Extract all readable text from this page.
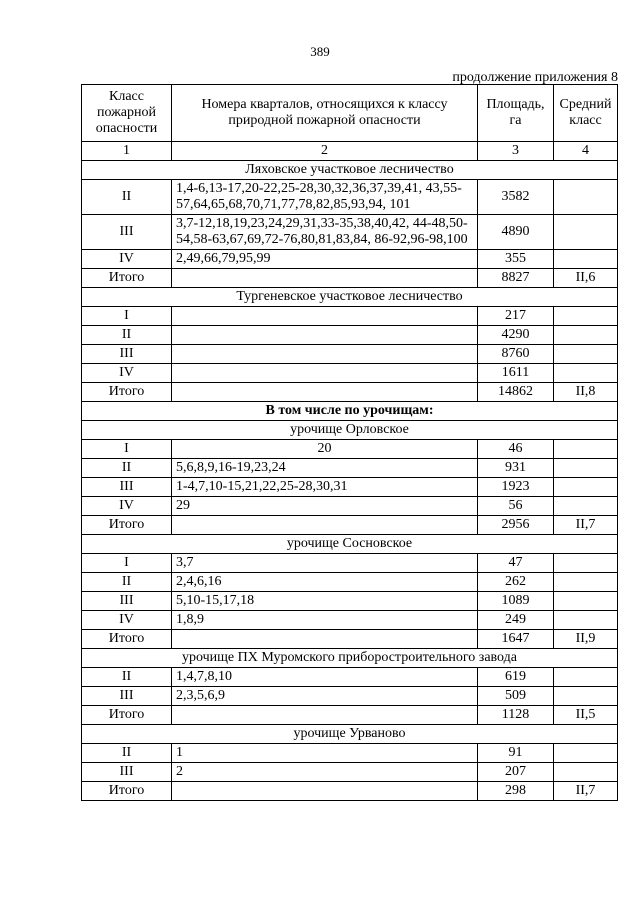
389
продолжение приложения 8
Класс пожарной опасности	Номера кварталов, относящихся к классу природной пожарной опасности	Площадь, га	Средний класс
1	2	3	4
Ляховское участковое лесничество			
II	1,4-6,13-17,20-22,25-28,30,32,36,37,39,41, 43,55-57,64,65,68,70,71,77,78,82,85,93,94, 101	3582	
III	3,7-12,18,19,23,24,29,31,33-35,38,40,42, 44-48,50-54,58-63,67,69,72-76,80,81,83,84, 86-92,96-98,100	4890	
IV	2,49,66,79,95,99	355	
Итого		8827	II,6
Тургеневское участковое лесничество			
I		217	
II		4290	
III		8760	
IV		1611	
Итого		14862	II,8
В том числе по урочищам:			
урочище Орловское			
I	20	46	
II	5,6,8,9,16-19,23,24	931	
III	1-4,7,10-15,21,22,25-28,30,31	1923	
IV	29	56	
Итого		2956	II,7
урочище Сосновское			
I	3,7	47	
II	2,4,6,16	262	
III	5,10-15,17,18	1089	
IV	1,8,9	249	
Итого		1647	II,9
урочище ПХ Муромского приборостроительного завода			
II	1,4,7,8,10	619	
III	2,3,5,6,9	509	
Итого		1128	II,5
урочище Урваново			
II	1	91	
III	2	207	
Итого		298	II,7
